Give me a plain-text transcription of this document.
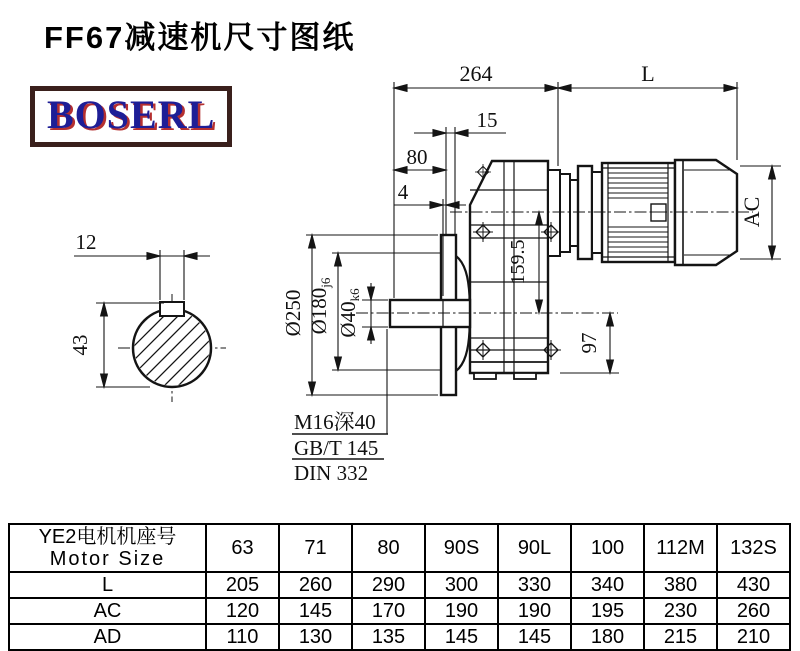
FF67减速机尺寸图纸
BOSERL
M16深40
GB/T 145
DIN 332
264	L
15
80
4
AC
159.5
97
Ø250 Ø180j6
Ø40k6
12
43
YE2电机机座号
Motor Size	63	71	80	90S	90L	100	112M	132S
L	205	260	290	300	330	340	380	430
AC	120	145	170	190	190	195	230	260
AD	110	130	135	145	145	180	215	210
